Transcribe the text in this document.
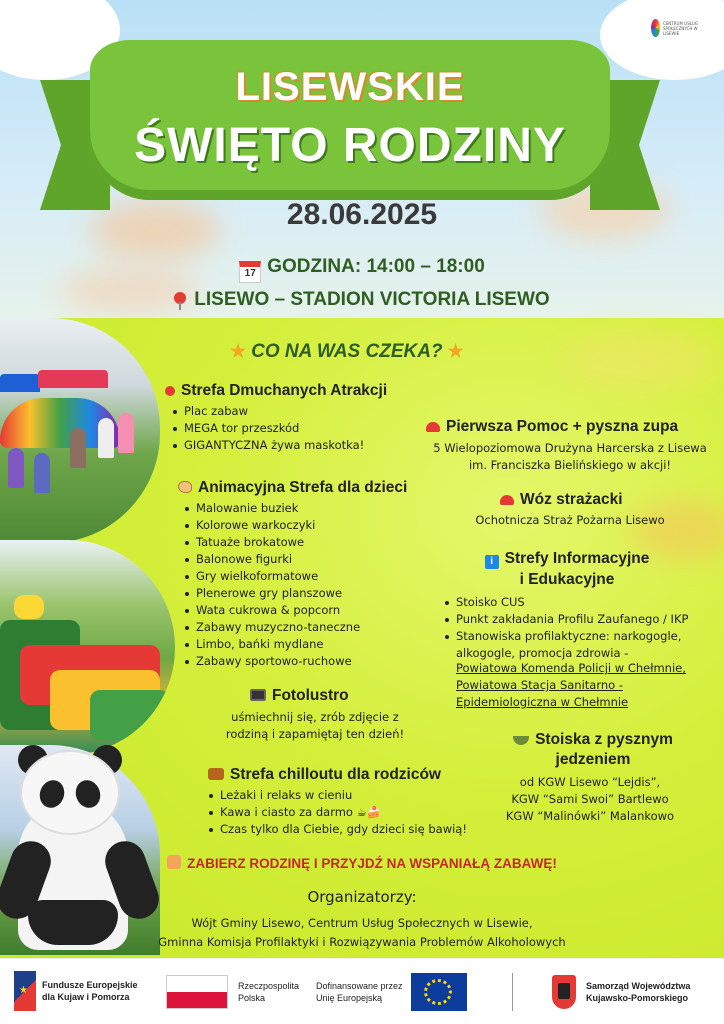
CENTRUM USŁUG SPOŁECZNYCH W LISEWIE
LISEWSKIE
ŚWIĘTO RODZINY
28.06.2025
17 GODZINA: 14:00 – 18:00
LISEWO – STADION VICTORIA LISEWO
★ CO NA WAS CZEKA? ★
Strefa Dmuchanych Atrakcji
Plac zabaw
MEGA tor przeszkód
GIGANTYCZNA żywa maskotka!
Animacyjna Strefa dla dzieci
Malowanie buziek
Kolorowe warkoczyki
Tatuaże brokatowe
Balonowe figurki
Gry wielkoformatowe
Plenerowe gry planszowe
Wata cukrowa & popcorn
Zabawy muzyczno-taneczne
Limbo, bańki mydlane
Zabawy sportowo-ruchowe
Fotolustro
uśmiechnij się, zrób zdjęcie z
rodziną i zapamiętaj ten dzień!
Strefa chilloutu dla rodziców
Leżaki i relaks w cieniu
Kawa i ciasto za darmo ☕🍰
Czas tylko dla Ciebie, gdy dzieci się bawią!
Pierwsza Pomoc + pyszna zupa
5 Wielopoziomowa Drużyna Harcerska z Lisewa
im. Franciszka Bielińskiego w akcji!
Wóz strażacki
Ochotnicza Straż Pożarna Lisewo
i Strefy Informacyjne
i Edukacyjne
Stoisko CUS
Punkt zakładania Profilu Zaufanego / IKP
Stanowiska profilaktyczne: narkogogle, alkogogle, promocja zdrowia -
Powiatowa Komenda Policji w Chełmnie,
Powiatowa Stacja Sanitarno -
Epidemiologiczna w Chełmnie
Stoiska z pysznym
jedzeniem
od KGW Lisewo “Lejdis”,
KGW “Sami Swoi” Bartlewo
KGW “Malinówki” Malankowo
ZABIERZ RODZINĘ I PRZYJDŹ NA WSPANIAŁĄ ZABAWĘ!
Organizatorzy:
Wójt Gminy Lisewo, Centrum Usług Społecznych w Lisewie,
Gminna Komisja Profilaktyki i Rozwiązywania Problemów Alkoholowych
★ Fundusze Europejskie
dla Kujaw i Pomorza
Rzeczpospolita
Polska
Dofinansowane przez
Unię Europejską
Samorząd Województwa
Kujawsko-Pomorskiego
